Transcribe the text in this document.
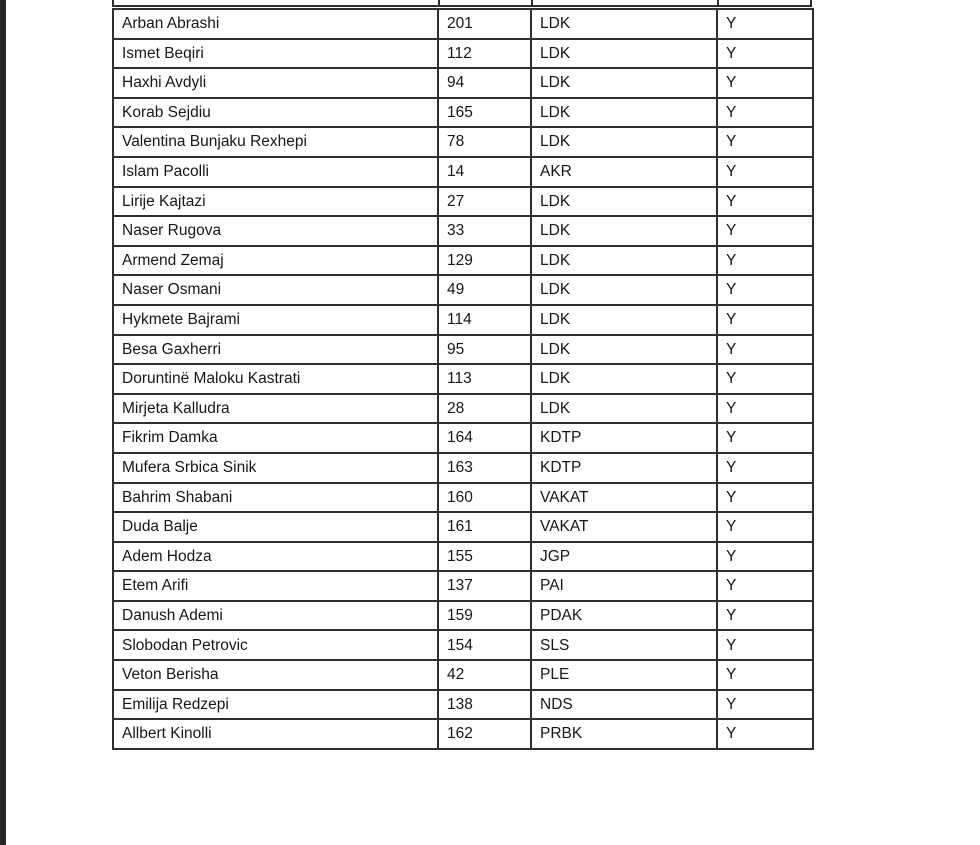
Arban Abrashi	201	LDK	Y
Ismet Beqiri	112	LDK	Y
Haxhi Avdyli	94	LDK	Y
Korab Sejdiu	165	LDK	Y
Valentina Bunjaku Rexhepi	78	LDK	Y
Islam Pacolli	14	AKR	Y
Lirije Kajtazi	27	LDK	Y
Naser Rugova	33	LDK	Y
Armend Zemaj	129	LDK	Y
Naser Osmani	49	LDK	Y
Hykmete Bajrami	114	LDK	Y
Besa Gaxherri	95	LDK	Y
Doruntinë Maloku Kastrati	113	LDK	Y
Mirjeta Kalludra	28	LDK	Y
Fikrim Damka	164	KDTP	Y
Mufera Srbica Sinik	163	KDTP	Y
Bahrim Shabani	160	VAKAT	Y
Duda Balje	161	VAKAT	Y
Adem Hodza	155	JGP	Y
Etem Arifi	137	PAI	Y
Danush Ademi	159	PDAK	Y
Slobodan Petrovic	154	SLS	Y
Veton Berisha	42	PLE	Y
Emilija Redzepi	138	NDS	Y
Allbert Kinolli	162	PRBK	Y
